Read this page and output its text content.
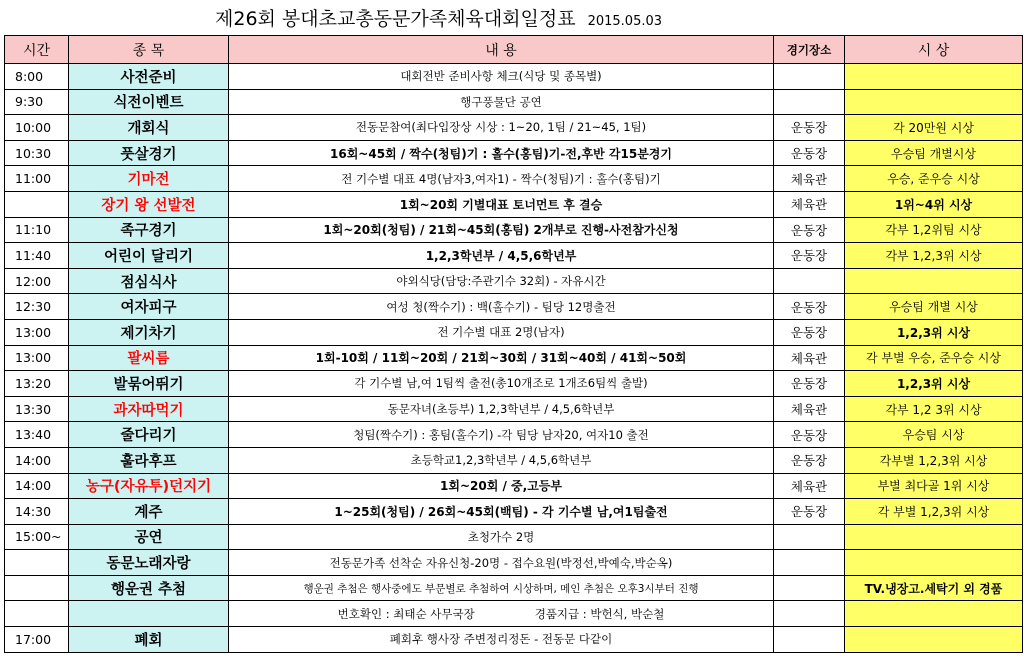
제26회 봉대초교총동문가족체육대회일정표 2015.05.03
시간	종 목	내 용	경기장소	시 상
8:00	사전준비	대회전반 준비사항 체크(식당 및 종목별)		
9:30	식전이벤트	행구풍물단 공연		
10:00	개회식	전동문참여(최다입장상 시상 : 1~20, 1팀 / 21~45, 1팀)	운동장	각 20만원 시상
10:30	풋살경기	16회~45회 / 짝수(청팀)기 : 홀수(홍팀)기-전,후반 각15분경기	운동장	우승팀 개별시상
11:00	기마전	전 기수별 대표 4명(남자3,여자1) - 짝수(청팀)기 : 홀수(홍팀)기	체육관	우승, 준우승 시상
	장기 왕 선발전	1회~20회 기별대표 토너먼트 후 결승	체육관	1위~4위 시상
11:10	족구경기	1회~20회(청팀) / 21회~45회(홍팀) 2개부로 진행-사전참가신청	운동장	각부 1,2위팀 시상
11:40	어린이 달리기	1,2,3학년부 / 4,5,6학년부	운동장	각부 1,2,3위 시상
12:00	점심식사	야외식당(담당:주관기수 32회) - 자유시간		
12:30	여자피구	여성 청(짝수기) : 백(홀수기) - 팀당 12명출전	운동장	우승팀 개별 시상
13:00	제기차기	전 기수별 대표 2명(남자)	운동장	1,2,3위 시상
13:00	팔씨름	1회-10회 / 11회~20회 / 21회~30회 / 31회~40회 / 41회~50회	체육관	각 부별 우승, 준우승 시상
13:20	발묶어뛰기	각 기수별 남,여 1팀씩 출전(총10개조로 1개조6팀씩 출발)	운동장	1,2,3위 시상
13:30	과자따먹기	동문자녀(초등부) 1,2,3학년부 / 4,5,6학년부	체육관	각부 1,2 3위 시상
13:40	줄다리기	청팀(짝수기) : 홍팀(홀수기) -각 팀당 남자20, 여자10 출전	운동장	우승팀 시상
14:00	훌라후프	초등학교1,2,3학년부 / 4,5,6학년부	운동장	각부별 1,2,3위 시상
14:00	농구(자유투)던지기	1회~20회 / 중,고등부	체육관	부별 최다골 1위 시상
14:30	계주	1~25회(청팀) / 26회~45회(백팀) - 각 기수별 남,여1팀출전	운동장	각 부별 1,2,3위 시상
15:00~	공연	초청가수 2명		
	동문노래자랑	전동문가족 선착순 자유신청-20명 - 접수요원(박정선,박예숙,박순옥)		
	행운권 추첨	행운권 추첨은 행사중에도 부문별로 추첨하여 시상하며, 메인 추첨은 오후3시부터 진행		TV.냉장고.세탁기 외 경품
		번호확인 : 최태순 사무국장 경품지급 : 박헌식, 박순철		
17:00	폐회	폐회후 행사장 주변정리정돈 - 전동문 다같이		
